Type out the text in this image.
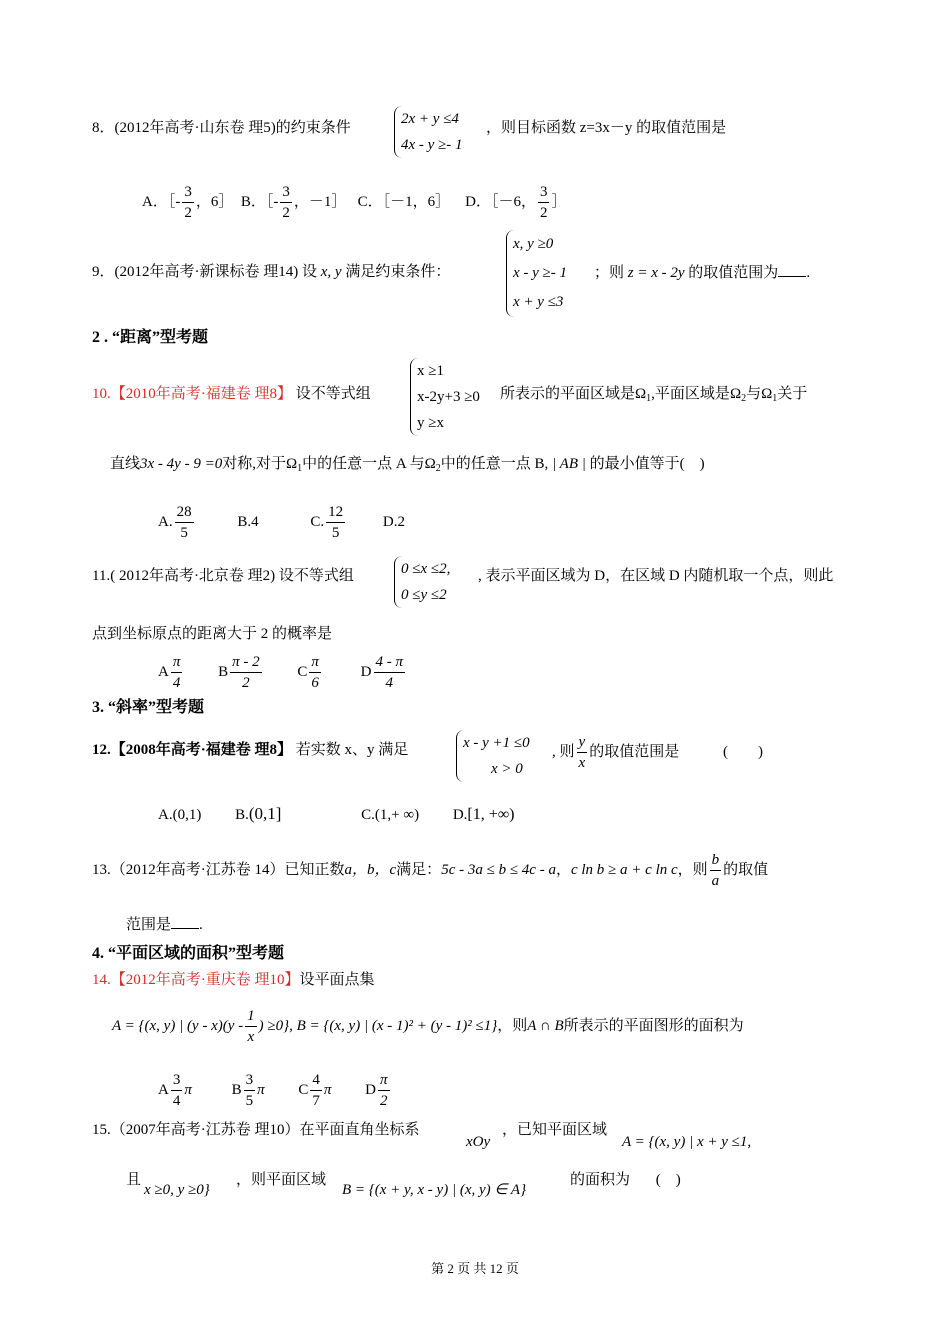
8．(2012年高考·山东卷 理5)的约束条件
2x + y ≤4
4x - y ≥- 1
，则目标函数 z=3x－y 的取值范围是
A．［- $\frac{3}{2}$ ，6］ B．［- $\frac{3}{2}$ ，－1］ C．［－1，6］ D．［－6， $\frac{3}{2}$ ］
9．(2012年高考·新课标卷 理14) 设 x, y 满足约束条件：
x, y ≥0
x - y ≥- 1
x + y ≤3
；则 z = x - 2y 的取值范围为 .
2 . “距离”型考题
10.【2010年高考·福建卷 理8】 设不等式组
x ≥1
x-2y+3 ≥0
y ≥x
所表示的平面区域是$\Omega_1$,平面区域是$\Omega_2$与$\Omega_1$关于
直线3x - 4y - 9 =0对称,对于$\Omega_1$中的任意一点 A 与$\Omega_2$中的任意一点 B, | AB | 的最小值等于(　)
A. $\frac{28}{5}$	B.4	C. $\frac{12}{5}$	D.2
11.( 2012年高考·北京卷 理2) 设不等式组	0 ≤x ≤2,
0 ≤y ≤2
, 表示平面区域为 D，在区域 D 内随机取一个点，则此
点到坐标原点的距离大于 2 的概率是
A $\frac{\pi}{4}$ B $\frac{\pi - 2}{2}$ C $\frac{\pi}{6}$	D $\frac{4 - \pi}{4}$
3. “斜率”型考题
12.【2008年高考·福建卷 理8】 若实数 x、y 满足	x - y +1 ≤0
x > 0
, 则 $\frac{y}{x}$ 的取值范围是	(　　)
A.(0,1) B.(0,1]	C.(1,+ ∞) D.[1, +∞)
13.（2012年高考·江苏卷 14）已知正数a，b，c满足：5c - 3a ≤ b ≤ 4c - a，c ln b ≥ a + c ln c，则 $\frac{b}{a}$ 的取值
范围是 .
4. “平面区域的面积”型考题
14.【2012年高考·重庆卷 理10】设平面点集
A = {(x, y) | $(y - x)(y - \frac{1}{x}$ ) ≥0}, B = {(x, y) | (x - 1)² + (y - 1)² ≤1}，则A ∩ B所表示的平面图形的面积为
A $\frac{3}{4}$ π	B $\frac{3}{5}$ π C $\frac{4}{7}$ π D $\frac{\pi}{2}$
15.（2007年高考·江苏卷 理10）在平面直角坐标系
xOy
，已知平面区域
A = {(x, y) | x + y ≤1,
且
x ≥0, y ≥0}
，则平面区域
B = {(x + y, x - y) | (x, y) ∈ A}
的面积为 (　)
第 2 页 共 12 页
